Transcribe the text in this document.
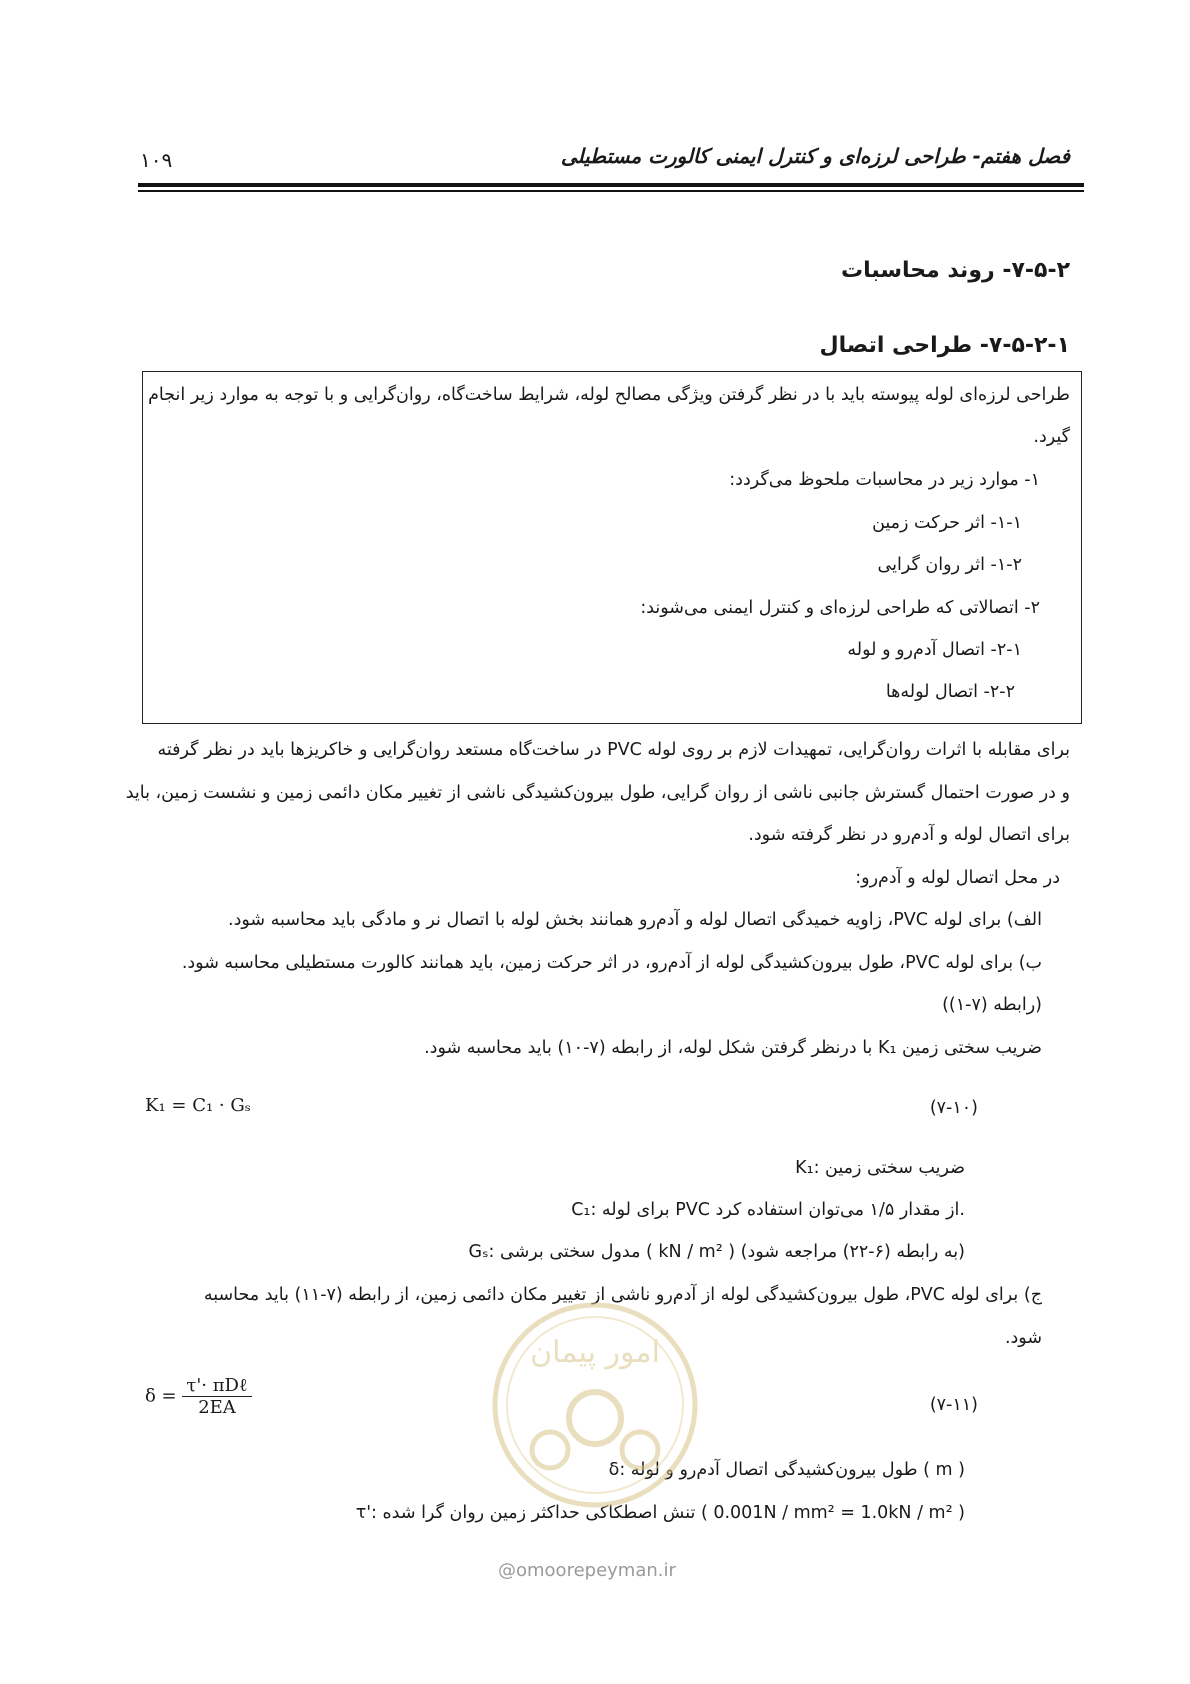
فصل هفتم- طراحی لرزه‌ای و کنترل ایمنی کالورت مستطیلی
۱۰۹
۷-۵-۲- روند محاسبات
۷-۵-۲-۱- طراحی اتصال
طراحی لرزه‌ای لوله پیوسته باید با در نظر گرفتن ویژگی مصالح لوله، شرایط ساخت‌گاه، روان‌گرایی و با توجه به موارد زیر انجام
گیرد.
۱- موارد زیر در محاسبات ملحوظ می‌گردد:
۱-۱- اثر حرکت زمین
۱-۲- اثر روان گرایی
۲- اتصالاتی که طراحی لرزه‌ای و کنترل ایمنی می‌شوند:
۲-۱- اتصال آدم‌رو و لوله
۲-۲- اتصال لوله‌ها
برای مقابله با اثرات روان‌گرایی، تمهیدات لازم بر روی لوله PVC در ساخت‌گاه مستعد روان‌گرایی و خاکریزها باید در نظر گرفته
و در صورت احتمال گسترش جانبی ناشی از روان گرایی، طول بیرون‌کشیدگی ناشی از تغییر مکان دائمی زمین و نشست زمین، باید
برای اتصال لوله و آدم‌رو در نظر گرفته شود.
در محل اتصال لوله و آدم‌رو:
الف) برای لوله PVC، زاویه خمیدگی اتصال لوله و آدم‌رو همانند بخش لوله با اتصال نر و مادگی باید محاسبه شود.
ب) برای لوله PVC، طول بیرون‌کشیدگی لوله از آدم‌رو، در اثر حرکت زمین، باید همانند کالورت مستطیلی محاسبه شود.
(رابطه (۷-۱))
ضریب سختی زمین K₁ با درنظر گرفتن شکل لوله، از رابطه (۷-۱۰) باید محاسبه شود.
K₁ = C₁ · Gₛ	(۷-۱۰)
K₁: ضریب سختی زمین
C₁: برای لوله PVC از مقدار ۱/۵ می‌توان استفاده کرد.
Gₛ: مدول سختی برشی ( kN / m² ) (به رابطه (۶-۲۲) مراجعه شود)
ج) برای لوله PVC، طول بیرون‌کشیدگی لوله از آدم‌رو ناشی از تغییر مکان دائمی زمین، از رابطه (۷-۱۱) باید محاسبه
شود.
$\delta = \frac{\text{τ'· πDℓ}}{2EA}$	(۷-۱۱)
δ: طول بیرون‌کشیدگی اتصال آدم‌رو و لوله ( m )
τ': تنش اصطکاکی حداکثر زمین روان گرا شده ( 0.001N / mm² = 1.0kN / m² )
امور پیمان
@omoorepeyman.ir
